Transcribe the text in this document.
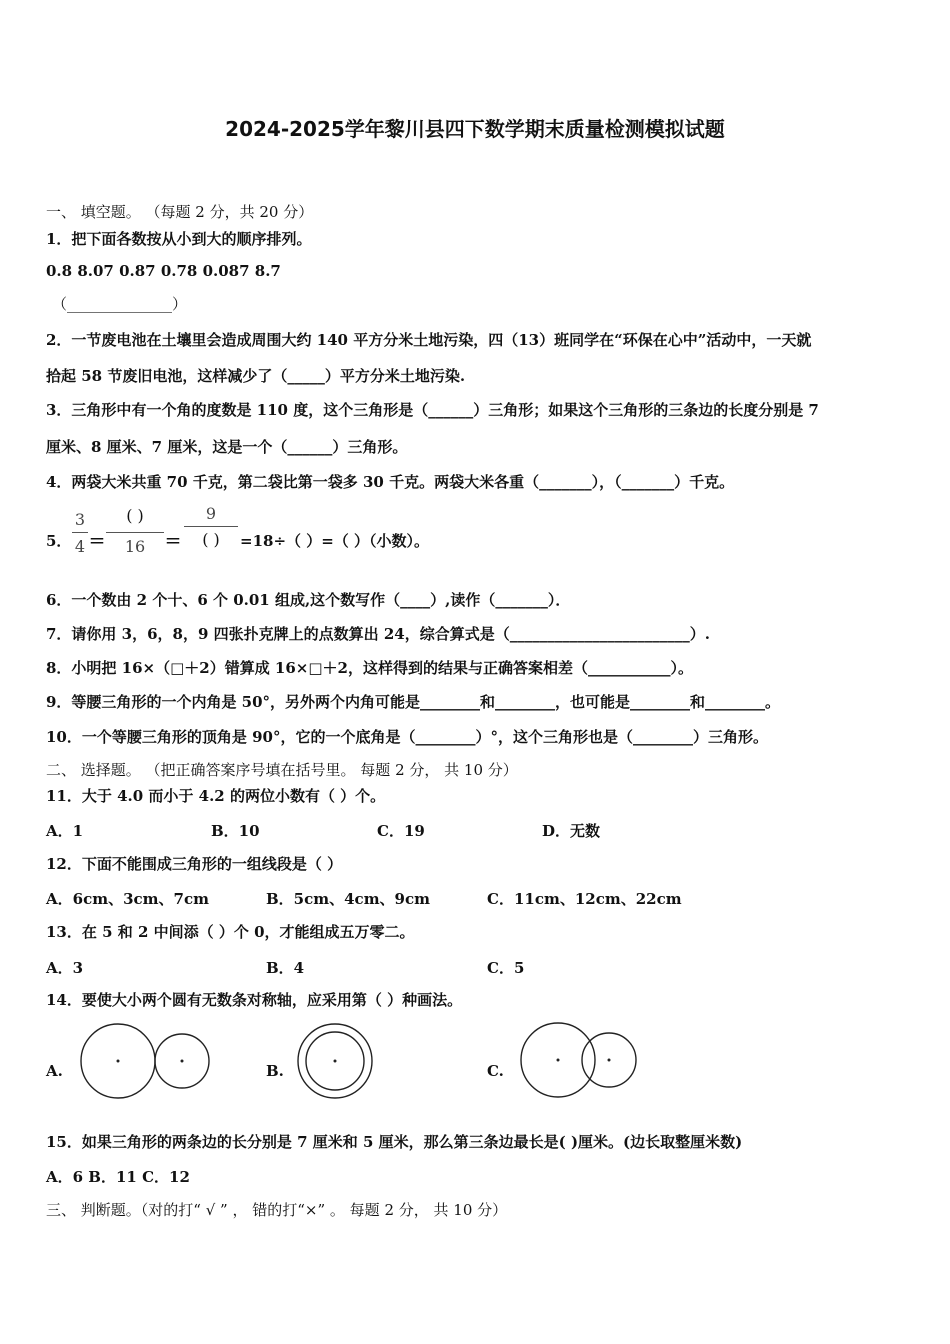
2024-2025学年黎川县四下数学期末质量检测模拟试题
一、 填空题。 （每题 2 分，共 20 分）
1．把下面各数按从小到大的顺序排列。
0.8 8.07 0.87 0.78 0.087 8.7
（______________）
2．一节废电池在土壤里会造成周围大约 140 平方分米土地污染，四（13）班同学在“环保在心中”活动中，一天就
拾起 58 节废旧电池，这样减少了（_____）平方分米土地污染.
3．三角形中有一个角的度数是 110 度，这个三角形是（______）三角形；如果这个三角形的三条边的长度分别是 7
厘米、8 厘米、7 厘米，这是一个（______）三角形。
4．两袋大米共重 70 千克，第二袋比第一袋多 30 千克。两袋大米各重（_______），（_______）千克。
5．
3
4 =
( )
16 =
9
( )	=18÷（ ）=（ ）（小数）。
6．一个数由 2 个十、6 个 0.01 组成,这个数写作（____）,读作（_______）．
7．请你用 3，6，8，9 四张扑克牌上的点数算出 24，综合算式是（________________________）.
8．小明把 16×（□＋2）错算成 16×□＋2，这样得到的结果与正确答案相差（___________）。
9．等腰三角形的一个内角是 50°，另外两个内角可能是________和________，也可能是________和________。
10．一个等腰三角形的顶角是 90°，它的一个底角是（________）°，这个三角形也是（________）三角形。
二、 选择题。 （把正确答案序号填在括号里。 每题 2 分， 共 10 分）
11．大于 4.0 而小于 4.2 的两位小数有（ ）个。
A．1	B．10	C．19	D．无数
12．下面不能围成三角形的一组线段是（ ）
A．6cm、3cm、7cm	B．5cm、4cm、9cm	C．11cm、12cm、22cm
13．在 5 和 2 中间添（ ）个 0，才能组成五万零二。
A．3	B．4	C．5
14．要使大小两个圆有无数条对称轴，应采用第（ ）种画法。
A.	B.	C.
15．如果三角形的两条边的长分别是 7 厘米和 5 厘米，那么第三条边最长是( )厘米。(边长取整厘米数)
A．6 B．11 C．12
三、 判断题。（对的打“ √ ” ， 错的打“×” 。 每题 2 分， 共 10 分）
